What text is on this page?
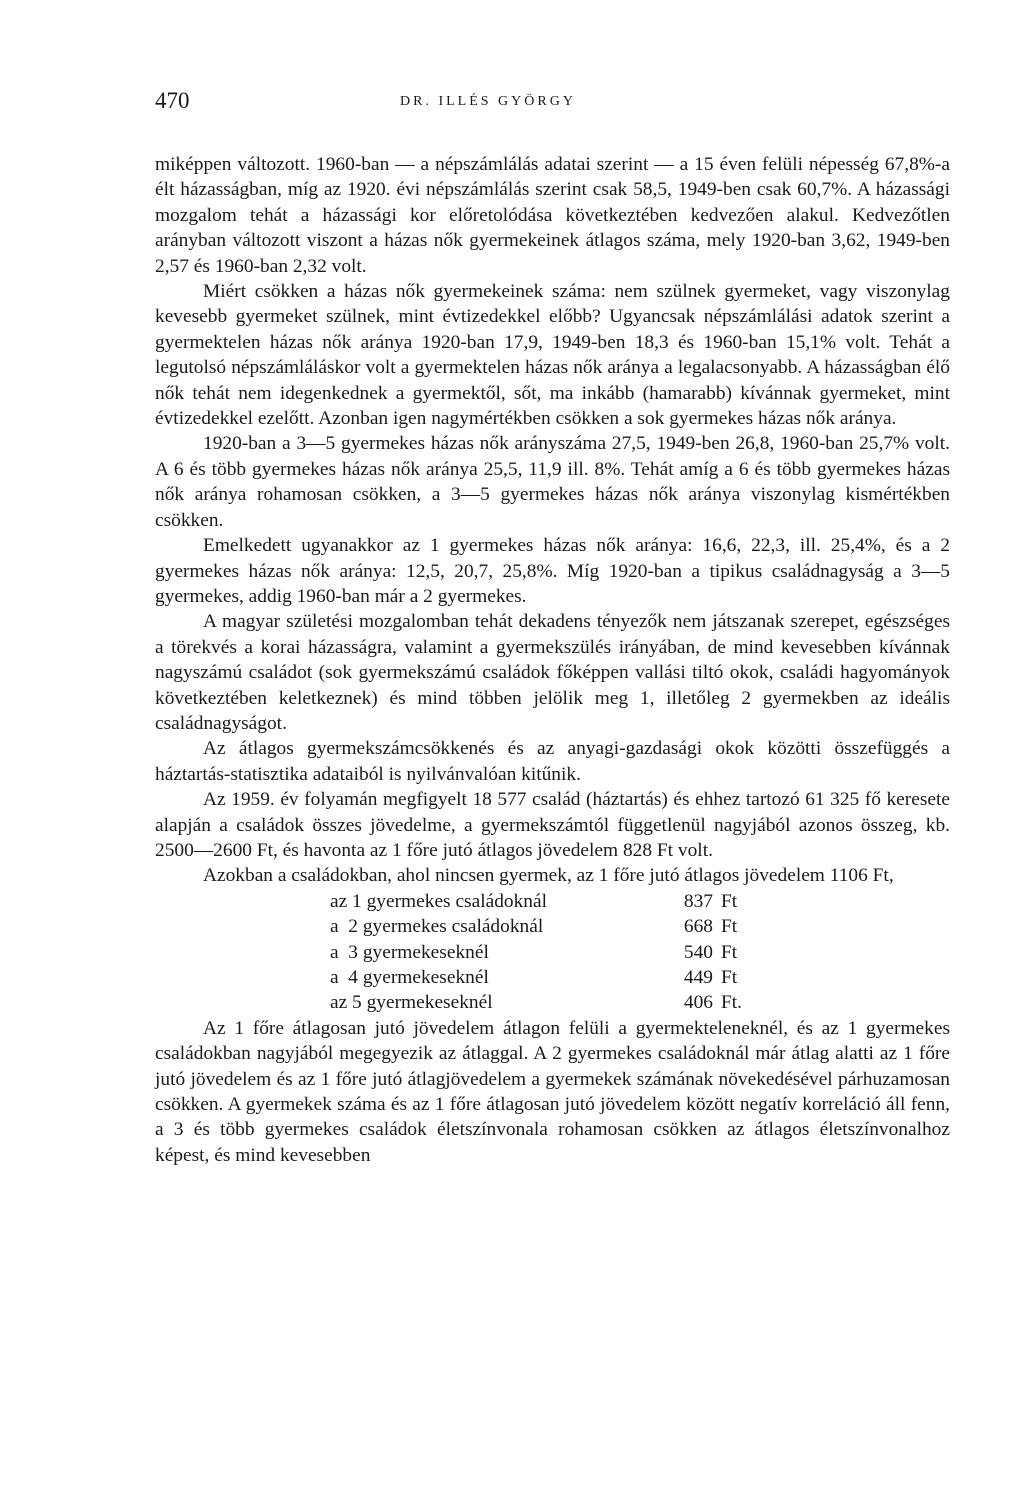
470	DR. ILLÉS GYÖRGY

miképpen változott. 1960-ban — a népszámlálás adatai szerint — a 15 éven felüli népesség 67,8%-a élt házasságban, míg az 1920. évi népszámlálás szerint csak 58,5, 1949-ben csak 60,7%. A házassági mozgalom tehát a házassági kor előretolódása következtében kedvezően alakul. Kedvezőtlen arányban változott viszont a házas nők gyermekeinek átlagos száma, mely 1920-ban 3,62, 1949-ben 2,57 és 1960-ban 2,32 volt.

Miért csökken a házas nők gyermekeinek száma: nem szülnek gyermeket, vagy viszonylag kevesebb gyermeket szülnek, mint évtizedekkel előbb? Ugyancsak népszámlálási adatok szerint a gyermektelen házas nők aránya 1920-ban 17,9, 1949-ben 18,3 és 1960-ban 15,1% volt. Tehát a legutolsó népszámláláskor volt a gyermektelen házas nők aránya a legalacsonyabb. A házasságban élő nők tehát nem idegenkednek a gyermektől, sőt, ma inkább (hamarabb) kívánnak gyermeket, mint évtizedekkel ezelőtt. Azonban igen nagymértékben csökken a sok gyermekes házas nők aránya.

1920-ban a 3—5 gyermekes házas nők arányszáma 27,5, 1949-ben 26,8, 1960-ban 25,7% volt. A 6 és több gyermekes házas nők aránya 25,5, 11,9 ill. 8%. Tehát amíg a 6 és több gyermekes házas nők aránya rohamosan csökken, a 3—5 gyermekes házas nők aránya viszonylag kismértékben csökken.

Emelkedett ugyanakkor az 1 gyermekes házas nők aránya: 16,6, 22,3, ill. 25,4%, és a 2 gyermekes házas nők aránya: 12,5, 20,7, 25,8%. Míg 1920-ban a tipikus családnagyság a 3—5 gyermekes, addig 1960-ban már a 2 gyermekes.

A magyar születési mozgalomban tehát dekadens tényezők nem játszanak szerepet, egészséges a törekvés a korai házasságra, valamint a gyermekszülés irányában, de mind kevesebben kívánnak nagyszámú családot (sok gyermekszámú családok főképpen vallási tiltó okok, családi hagyományok következtében keletkeznek) és mind többen jelölik meg 1, illetőleg 2 gyermekben az ideális családnagyságot.

Az átlagos gyermekszámcsökkenés és az anyagi-gazdasági okok közötti összefüggés a háztartás-statisztika adataiból is nyilvánvalóan kitűnik.

Az 1959. év folyamán megfigyelt 18 577 család (háztartás) és ehhez tartozó 61 325 fő keresete alapján a családok összes jövedelme, a gyermekszámtól függetlenül nagyjából azonos összeg, kb. 2500—2600 Ft, és havonta az 1 főre jutó átlagos jövedelem 828 Ft volt.

Azokban a családokban, ahol nincsen gyermek, az 1 főre jutó átlagos jövedelem 1106 Ft,

az 1 gyermekes családoknál	837 Ft
a  2 gyermekes családoknál	668 Ft
a  3 gyermekeseknél	540 Ft
a  4 gyermekeseknél	449 Ft
az 5 gyermekeseknél	406 Ft.

Az 1 főre átlagosan jutó jövedelem átlagon felüli a gyermekteleneknél, és az 1 gyermekes családokban nagyjából megegyezik az átlaggal. A 2 gyermekes családoknál már átlag alatti az 1 főre jutó jövedelem és az 1 főre jutó átlagjövedelem a gyermekek számának növekedésével párhuzamosan csökken. A gyermekek száma és az 1 főre átlagosan jutó jövedelem között negatív korreláció áll fenn, a 3 és több gyermekes családok életszínvonala rohamosan csökken az átlagos életszínvonalhoz képest, és mind kevesebben
